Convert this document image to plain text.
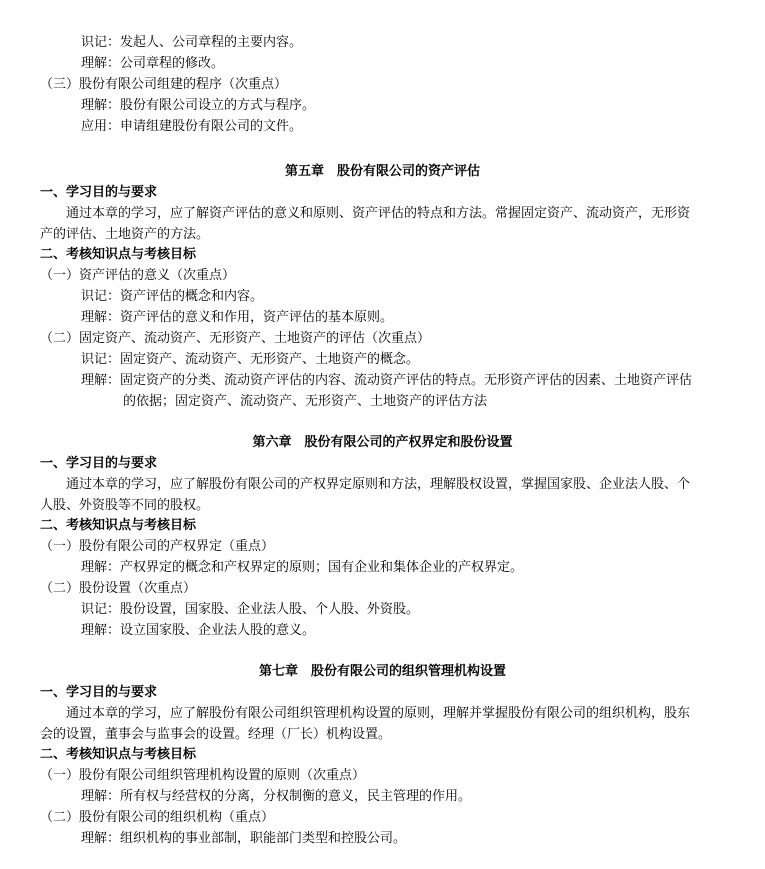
识记：发起人、公司章程的主要内容。
理解：公司章程的修改。
（三）股份有限公司组建的程序（次重点）
理解：股份有限公司设立的方式与程序。
应用：申请组建股份有限公司的文件。
第五章　股份有限公司的资产评估
一、学习目的与要求
通过本章的学习，应了解资产评估的意义和原则、资产评估的特点和方法。常握固定资产、流动资产，无形资
产的评估、土地资产的方法。
二、考核知识点与考核目标
（一）资产评估的意义（次重点）
识记：资产评估的概念和内容。
理解：资产评估的意义和作用，资产评估的基本原则。
（二）固定资产、流动资产、无形资产、土地资产的评估（次重点）
识记：固定资产、流动资产、无形资产、土地资产的概念。
理解：固定资产的分类、流动资产评估的内容、流动资产评估的特点。无形资产评估的因素、土地资产评估
的依据；固定资产、流动资产、无形资产、土地资产的评估方法
第六章　股份有限公司的产权界定和股份设置
一、学习目的与要求
通过本章的学习，应了解股份有限公司的产权界定原则和方法，理解股权设置，掌握国家股、企业法人股、个
人股、外资股等不同的股权。
二、考核知识点与考核目标
（一）股份有限公司的产权界定（重点）
理解：产权界定的概念和产权界定的原则；国有企业和集体企业的产权界定。
（二）股份设置（次重点）
识记：股份设置，国家股、企业法人股、个人股、外资股。
理解：设立国家股、企业法人股的意义。
第七章　股份有限公司的组织管理机构设置
一、学习目的与要求
通过本章的学习，应了解股份有限公司组织管理机构设置的原则，理解并掌握股份有限公司的组织机构，股东
会的设置，董事会与监事会的设置。经理（厂长）机构设置。
二、考核知识点与考核目标
（一）股份有限公司组织管理机构设置的原则（次重点）
理解：所有权与经营权的分离，分权制衡的意义，民主管理的作用。
（二）股份有限公司的组织机构（重点）
理解：组织机构的事业部制，职能部门类型和控股公司。
